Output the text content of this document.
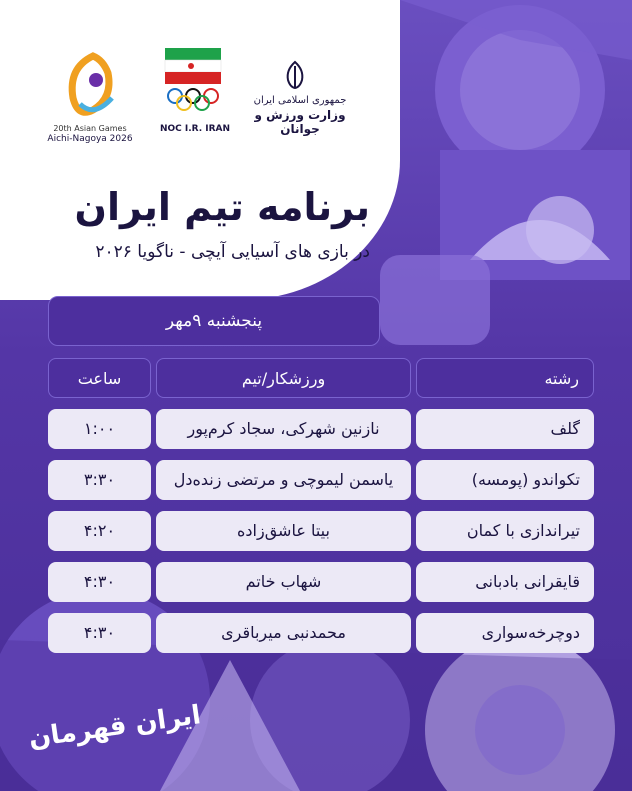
20th Asian Games
Aichi-Nagoya 2026
NOC I.R. IRAN
جمهوری اسلامی ایران
وزارت ورزش و جوانان
برنامه تیم ایران
در بازی های آسیایی آیچی - ناگویا ۲۰۲۶
پنجشنبه ۹مهر
رشته
ورزشکار/تیم
ساعت
گلف
نازنین شهرکی، سجاد کرم‌پور
۱:۰۰
تکواندو (پومسه)
یاسمن لیموچی و مرتضی زنده‌دل
۳:۳۰
تیراندازی با کمان
بیتا عاشق‌زاده
۴:۲۰
قایقرانی بادبانی
شهاب خاتم
۴:۳۰
دوچرخه‌سواری
محمدنبی میرباقری
۴:۳۰
ایران قهرمان
